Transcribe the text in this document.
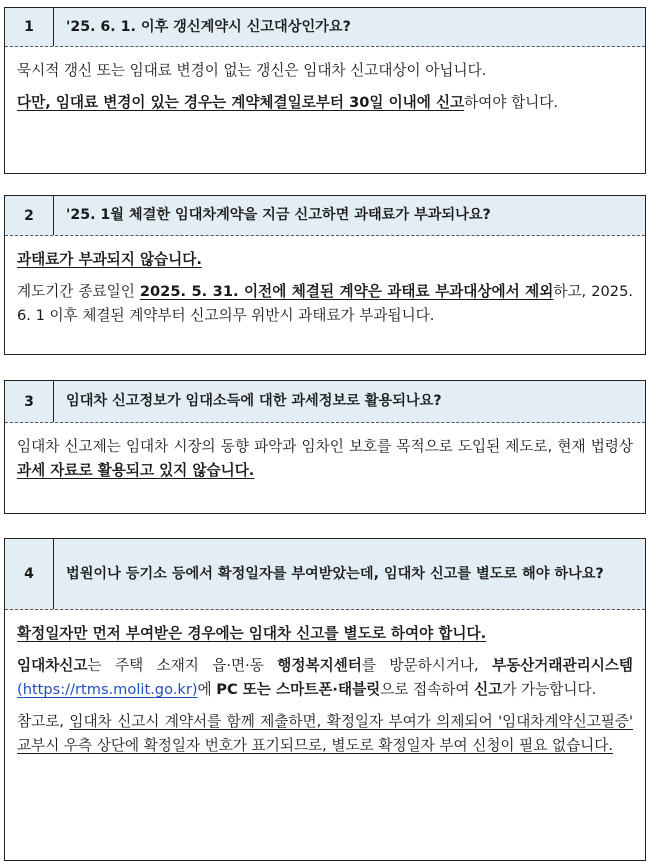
1	'25. 6. 1. 이후 갱신계약시 신고대상인가요?

묵시적 갱신 또는 임대료 변경이 없는 갱신은 임대차 신고대상이 아닙니다.

다만, 임대료 변경이 있는 경우는 계약체결일로부터 30일 이내에 신고하여야 합니다.

2	'25. 1월 체결한 임대차계약을 지금 신고하면 과태료가 부과되나요?

과태료가 부과되지 않습니다.

계도기간 종료일인 2025. 5. 31. 이전에 체결된 계약은 과태료 부과대상에서 제외하고, 2025. 6. 1 이후 체결된 계약부터 신고의무 위반시 과태료가 부과됩니다.

3	임대차 신고정보가 임대소득에 대한 과세정보로 활용되나요?

임대차 신고제는 임대차 시장의 동향 파악과 임차인 보호를 목적으로 도입된 제도로, 현재 법령상 과세 자료로 활용되고 있지 않습니다.

4	법원이나 등기소 등에서 확정일자를 부여받았는데, 임대차 신고를 별도로 해야 하나요?

확정일자만 먼저 부여받은 경우에는 임대차 신고를 별도로 하여야 합니다.

임대차신고는 주택 소재지 읍·면·동 행정복지센터를 방문하시거나, 부동산거래관리시스템(https://rtms.molit.go.kr)에 PC 또는 스마트폰·태블릿으로 접속하여 신고가 가능합니다.

참고로, 임대차 신고시 계약서를 함께 제출하면, 확정일자 부여가 의제되어 '임대차계약신고필증' 교부시 우측 상단에 확정일자 번호가 표기되므로, 별도로 확정일자 부여 신청이 필요 없습니다.
